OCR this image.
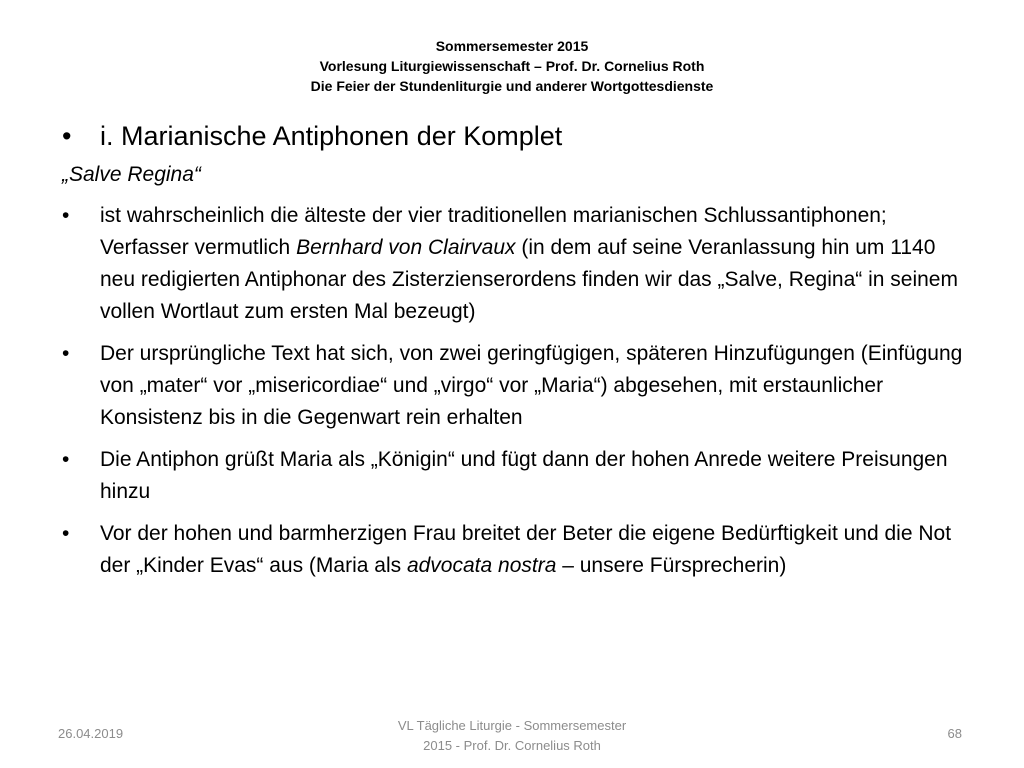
Sommersemester 2015
Vorlesung Liturgiewissenschaft – Prof. Dr. Cornelius Roth
Die Feier der Stundenliturgie und anderer Wortgottesdienste
• i. Marianische Antiphonen der Komplet
„Salve Regina“
• ist wahrscheinlich die älteste der vier traditionellen marianischen Schlussantiphonen; Verfasser vermutlich Bernhard von Clairvaux (in dem auf seine Veranlassung hin um 1140 neu redigierten Antiphonar des Zisterzienserordens finden wir das „Salve, Regina“ in seinem vollen Wortlaut zum ersten Mal bezeugt)
• Der ursprüngliche Text hat sich, von zwei geringfügigen, späteren Hinzufügungen (Einfügung von „mater“ vor „misericordiae“ und „virgo“ vor „Maria“) abgesehen, mit erstaunlicher Konsistenz bis in die Gegenwart rein erhalten
• Die Antiphon grüßt Maria als „Königin“ und fügt dann der hohen Anrede weitere Preisungen hinzu
• Vor der hohen und barmherzigen Frau breitet der Beter die eigene Bedürftigkeit und die Not der „Kinder Evas“ aus (Maria als advocata nostra – unsere Fürsprecherin)
26.04.2019
VL Tägliche Liturgie - Sommersemester
2015 - Prof. Dr. Cornelius Roth
68
